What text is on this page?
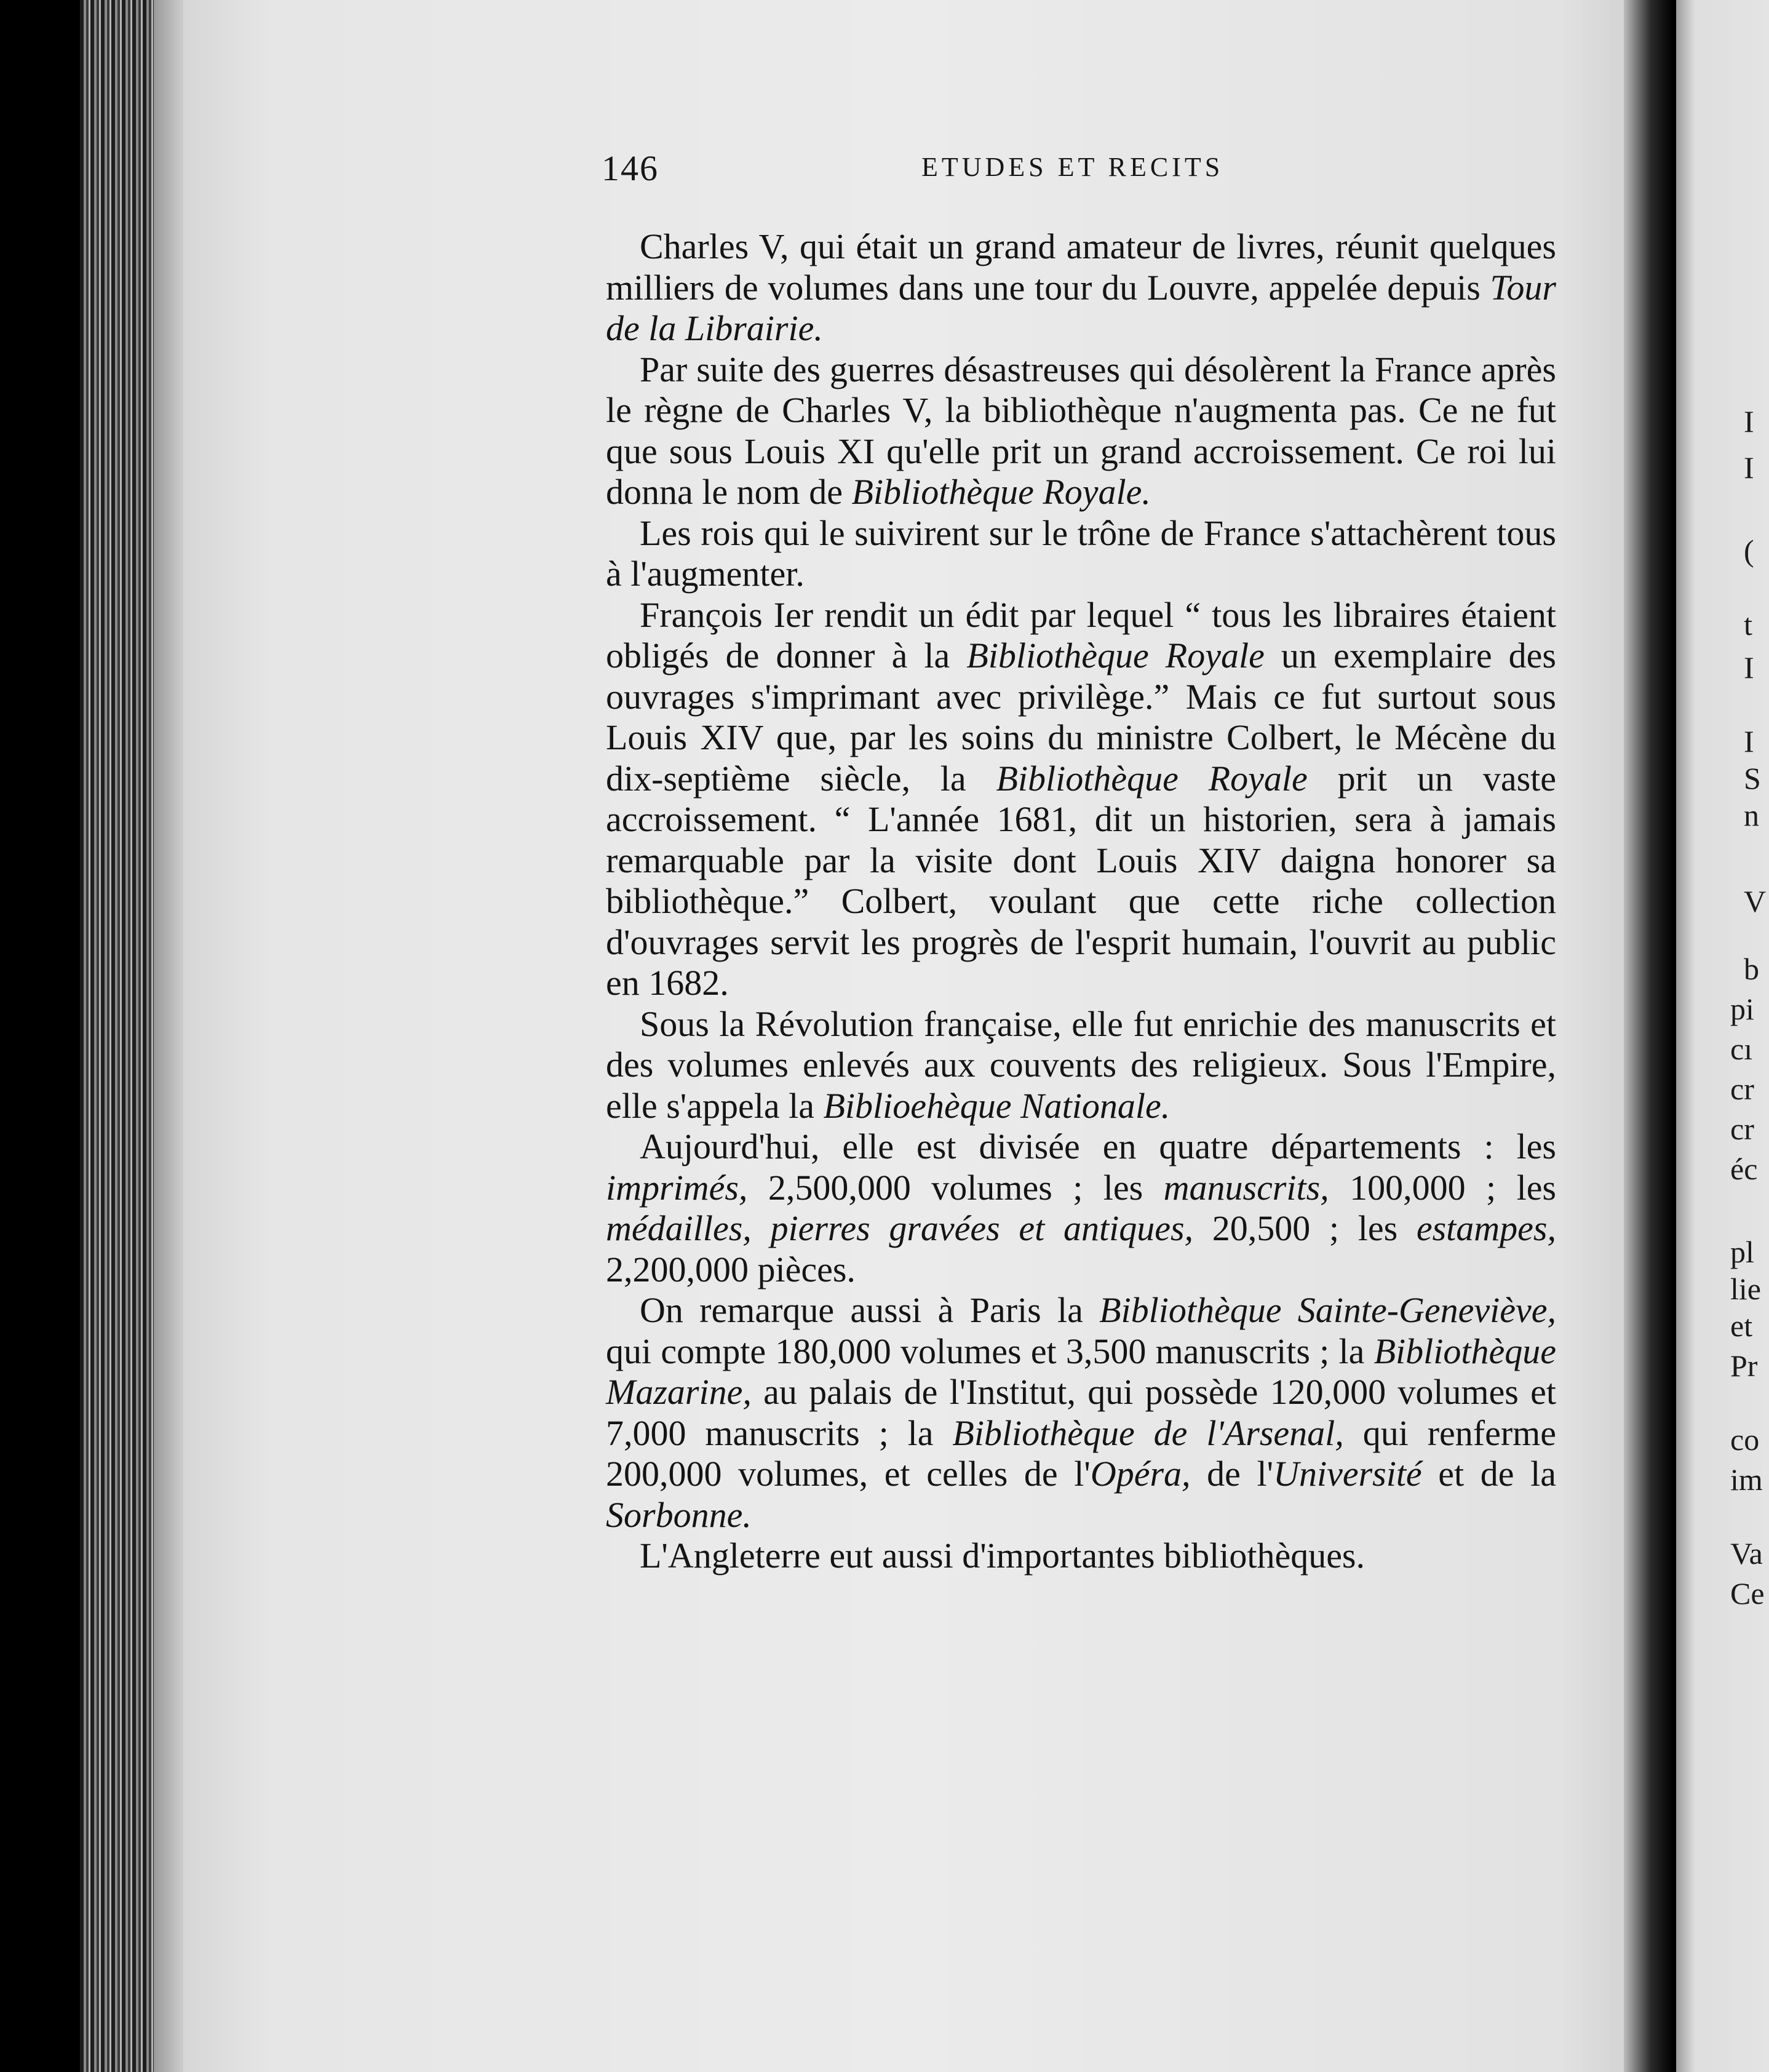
146	ETUDES ET RECITS

Charles V, qui était un grand amateur de livres, réunit quelques milliers de volumes dans une tour du Louvre, appelée depuis Tour de la Librairie.

Par suite des guerres désastreuses qui désolèrent la France après le règne de Charles V, la bibliothèque n'augmenta pas. Ce ne fut que sous Louis XI qu'elle prit un grand accroissement. Ce roi lui donna le nom de Bibliothèque Royale.

Les rois qui le suivirent sur le trône de France s'attachèrent tous à l'augmenter.

François Ier rendit un édit par lequel “ tous les libraires étaient obligés de donner à la Bibliothèque Royale un exemplaire des ouvrages s'imprimant avec privilège.” Mais ce fut surtout sous Louis XIV que, par les soins du ministre Colbert, le Mécène du dix-septième siècle, la Bibliothèque Royale prit un vaste accroissement. “ L'année 1681, dit un historien, sera à jamais remarquable par la visite dont Louis XIV daigna honorer sa bibliothèque.” Colbert, voulant que cette riche collection d'ouvrages servit les progrès de l'esprit humain, l'ouvrit au public en 1682.

Sous la Révolution française, elle fut enrichie des manuscrits et des volumes enlevés aux couvents des religieux. Sous l'Empire, elle s'appela la Biblioehèque Nationale.

Aujourd'hui, elle est divisée en quatre départements : les imprimés, 2,500,000 volumes ; les manuscrits, 100,000 ; les médailles, pierres gravées et antiques, 20,500 ; les estampes, 2,200,000 pièces.

On remarque aussi à Paris la Bibliothèque Sainte-Geneviève, qui compte 180,000 volumes et 3,500 manuscrits ; la Bibliothèque Mazarine, au palais de l'Institut, qui possède 120,000 volumes et 7,000 manuscrits ; la Bibliothèque de l'Arsenal, qui renferme 200,000 volumes, et celles de l'Opéra, de l'Université et de la Sorbonne.

L'Angleterre eut aussi d'importantes bibliothèques.

I
I
(
t
I
I
S
n
V
b
pi
cı
cr
cr
éc
pl
lie
et
Pr
co
im
Va
Ce
